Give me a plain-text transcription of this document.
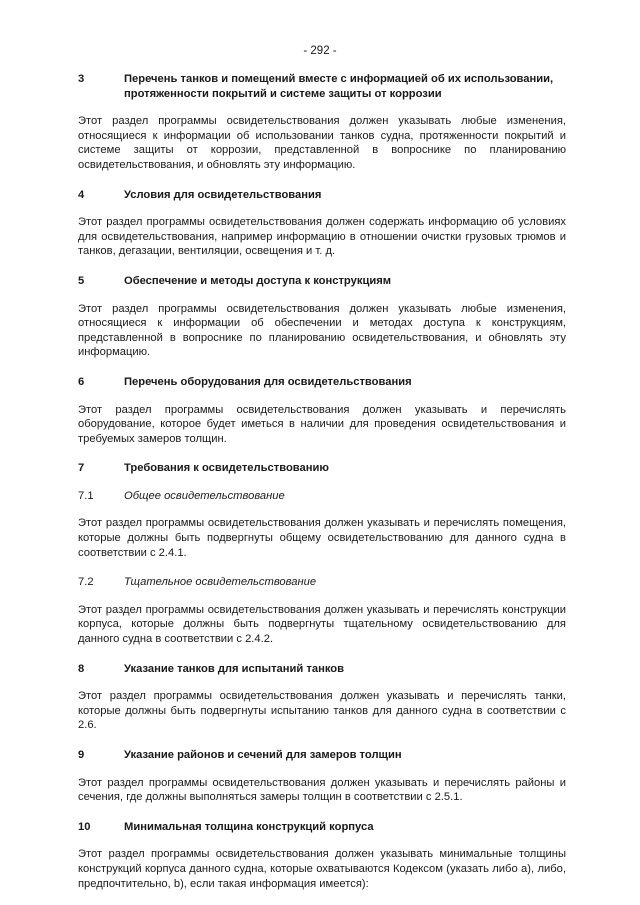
- 292 -
3	Перечень танков и помещений вместе с информацией об их использовании, протяженности покрытий и системе защиты от коррозии

Этот раздел программы освидетельствования должен указывать любые изменения, относящиеся к информации об использовании танков судна, протяженности покрытий и системе защиты от коррозии, представленной в вопроснике по планированию освидетельствования, и обновлять эту информацию.

4	Условия для освидетельствования

Этот раздел программы освидетельствования должен содержать информацию об условиях для освидетельствования, например информацию в отношении очистки грузовых трюмов и танков, дегазации, вентиляции, освещения и т. д.

5	Обеспечение и методы доступа к конструкциям

Этот раздел программы освидетельствования должен указывать любые изменения, относящиеся к информации об обеспечении и методах доступа к конструкциям, представленной в вопроснике по планированию освидетельствования, и обновлять эту информацию.

6	Перечень оборудования для освидетельствования

Этот раздел программы освидетельствования должен указывать и перечислять оборудование, которое будет иметься в наличии для проведения освидетельствования и требуемых замеров толщин.

7	Требования к освидетельствованию
7.1	Общее освидетельствование

Этот раздел программы освидетельствования должен указывать и перечислять помещения, которые должны быть подвергнуты общему освидетельствованию для данного судна в соответствии с 2.4.1.

7.2	Тщательное освидетельствование

Этот раздел программы освидетельствования должен указывать и перечислять конструкции корпуса, которые должны быть подвергнуты тщательному освидетельствованию для данного судна в соответствии с 2.4.2.

8	Указание танков для испытаний танков

Этот раздел программы освидетельствования должен указывать и перечислять танки, которые должны быть подвергнуты испытанию танков для данного судна в соответствии с 2.6.

9	Указание районов и сечений для замеров толщин

Этот раздел программы освидетельствования должен указывать и перечислять районы и сечения, где должны выполняться замеры толщин в соответствии с 2.5.1.

10	Минимальная толщина конструкций корпуса

Этот раздел программы освидетельствования должен указывать минимальные толщины конструкций корпуса данного судна, которые охватываются Кодексом (указать либо a), либо, предпочтительно, b), если такая информация имеется):
